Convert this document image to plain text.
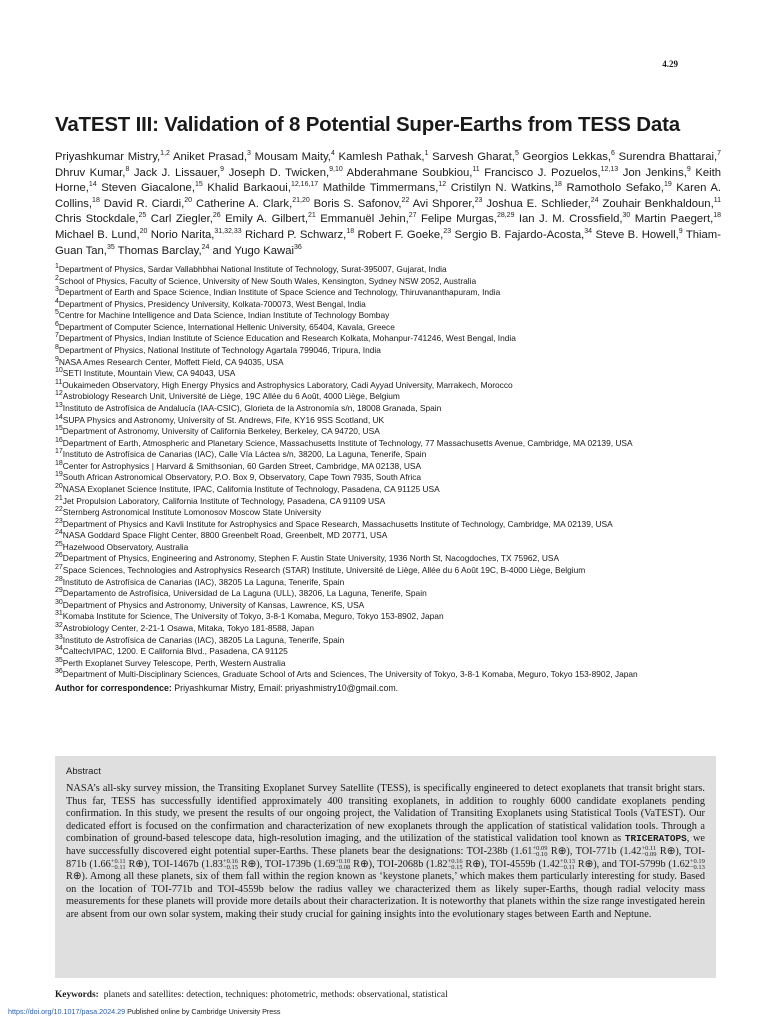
4.29
VaTEST III: Validation of 8 Potential Super-Earths from TESS Data

Priyashkumar Mistry,$^{1,2}$ Aniket Prasad,$^3$ Mousam Maity,$^4$ Kamlesh Pathak,$^1$ Sarvesh Gharat,$^5$ Georgios Lekkas,$^6$ Surendra Bhattarai,$^7$ Dhruv Kumar,$^8$ Jack J. Lissauer,$^9$ Joseph D. Twicken,$^{9,10}$ Abderahmane Soubkiou,$^{11}$ Francisco J. Pozuelos,$^{12,13}$ Jon Jenkins,$^9$ Keith Horne,$^{14}$ Steven Giacalone,$^{15}$ Khalid Barkaoui,$^{12,16,17}$ Mathilde Timmermans,$^{12}$ Cristilyn N. Watkins,$^{18}$ Ramotholo Sefako,$^{19}$ Karen A. Collins,$^{18}$ David R. Ciardi,$^{20}$ Catherine A. Clark,$^{21,20}$ Boris S. Safonov,$^{22}$ Avi Shporer,$^{23}$ Joshua E. Schlieder,$^{24}$ Zouhair Benkhaldoun,$^{11}$ Chris Stockdale,$^{25}$ Carl Ziegler,$^{26}$ Emily A. Gilbert,$^{21}$ Emmanuël Jehin,$^{27}$ Felipe Murgas,$^{28,29}$ Ian J. M. Crossfield,$^{30}$ Martin Paegert,$^{18}$ Michael B. Lund,$^{20}$ Norio Narita,$^{31,32,33}$ Richard P. Schwarz,$^{18}$ Robert F. Goeke,$^{23}$ Sergio B. Fajardo-Acosta,$^{34}$ Steve B. Howell,$^9$ Thiam-Guan Tan,$^{35}$ Thomas Barclay,$^{24}$ and Yugo Kawai$^{36}$

$^1$Department of Physics, Sardar Vallabhbhai National Institute of Technology, Surat-395007, Gujarat, India
$^2$School of Physics, Faculty of Science, University of New South Wales, Kensington, Sydney NSW 2052, Australia
$^3$Department of Earth and Space Science, Indian Institute of Space Science and Technology, Thiruvananthapuram, India
$^4$Department of Physics, Presidency University, Kolkata-700073, West Bengal, India
$^5$Centre for Machine Intelligence and Data Science, Indian Institute of Technology Bombay
$^6$Department of Computer Science, International Hellenic University, 65404, Kavala, Greece
$^7$Department of Physics, Indian Institute of Science Education and Research Kolkata, Mohanpur-741246, West Bengal, India
$^8$Department of Physics, National Institute of Technology Agartala 799046, Tripura, India
$^9$NASA Ames Research Center, Moffett Field, CA 94035, USA
$^{10}$SETI Institute, Mountain View, CA 94043, USA
$^{11}$Oukaimeden Observatory, High Energy Physics and Astrophysics Laboratory, Cadi Ayyad University, Marrakech, Morocco
$^{12}$Astrobiology Research Unit, Université de Liège, 19C Allée du 6 Août, 4000 Liège, Belgium
$^{13}$Instituto de Astrofísica de Andalucía (IAA-CSIC), Glorieta de la Astronomía s/n, 18008 Granada, Spain
$^{14}$SUPA Physics and Astronomy, University of St. Andrews, Fife, KY16 9SS Scotland, UK
$^{15}$Department of Astronomy, University of California Berkeley, Berkeley, CA 94720, USA
$^{16}$Department of Earth, Atmospheric and Planetary Science, Massachusetts Institute of Technology, 77 Massachusetts Avenue, Cambridge, MA 02139, USA
$^{17}$Instituto de Astrofísica de Canarias (IAC), Calle Vía Láctea s/n, 38200, La Laguna, Tenerife, Spain
$^{18}$Center for Astrophysics | Harvard & Smithsonian, 60 Garden Street, Cambridge, MA 02138, USA
$^{19}$South African Astronomical Observatory, P.O. Box 9, Observatory, Cape Town 7935, South Africa
$^{20}$NASA Exoplanet Science Institute, IPAC, California Institute of Technology, Pasadena, CA 91125 USA
$^{21}$Jet Propulsion Laboratory, California Institute of Technology, Pasadena, CA 91109 USA
$^{22}$Sternberg Astronomical Institute Lomonosov Moscow State University
$^{23}$Department of Physics and Kavli Institute for Astrophysics and Space Research, Massachusetts Institute of Technology, Cambridge, MA 02139, USA
$^{24}$NASA Goddard Space Flight Center, 8800 Greenbelt Road, Greenbelt, MD 20771, USA
$^{25}$Hazelwood Observatory, Australia
$^{26}$Department of Physics, Engineering and Astronomy, Stephen F. Austin State University, 1936 North St, Nacogdoches, TX 75962, USA
$^{27}$Space Sciences, Technologies and Astrophysics Research (STAR) Institute, Université de Liège, Allée du 6 Août 19C, B-4000 Liège, Belgium
$^{28}$Instituto de Astrofísica de Canarias (IAC), 38205 La Laguna, Tenerife, Spain
$^{29}$Departamento de Astrofísica, Universidad de La Laguna (ULL), 38206, La Laguna, Tenerife, Spain
$^{30}$Department of Physics and Astronomy, University of Kansas, Lawrence, KS, USA
$^{31}$Komaba Institute for Science, The University of Tokyo, 3-8-1 Komaba, Meguro, Tokyo 153-8902, Japan
$^{32}$Astrobiology Center, 2-21-1 Osawa, Mitaka, Tokyo 181-8588, Japan
$^{33}$Instituto de Astrofísica de Canarias (IAC), 38205 La Laguna, Tenerife, Spain
$^{34}$Caltech/IPAC, 1200. E California Blvd., Pasadena, CA 91125
$^{35}$Perth Exoplanet Survey Telescope, Perth, Western Australia
$^{36}$Department of Multi-Disciplinary Sciences, Graduate School of Arts and Sciences, The University of Tokyo, 3-8-1 Komaba, Meguro, Tokyo 153-8902, Japan
Author for correspondence: Priyashkumar Mistry, Email: priyashmistry10@gmail.com.
Abstract

NASA’s all-sky survey mission, the Transiting Exoplanet Survey Satellite (TESS), is specifically engineered to detect exoplanets that transit bright stars. Thus far, TESS has successfully identified approximately 400 transiting exoplanets, in addition to roughly 6000 candidate exoplanets pending confirmation. In this study, we present the results of our ongoing project, the Validation of Transiting Exoplanets using Statistical Tools (VaTEST). Our dedicated effort is focused on the confirmation and characterization of new exoplanets through the application of statistical validation tools. Through a combination of ground-based telescope data, high-resolution imaging, and the utilization of the statistical validation tool known as TRICERATOPS, we have successfully discovered eight potential super-Earths. These planets bear the designations: TOI-238b (1.61 +0.09
−0.10 R⊕), TOI-771b (1.42 +0.11
−0.09 R⊕), TOI-871b (1.66 +0.11
−0.11 R⊕), TOI-1467b (1.83 +0.16
−0.15 R⊕), TOI-1739b (1.69 +0.10
−0.08 R⊕), TOI-2068b (1.82 +0.16
−0.15 R⊕), TOI-4559b (1.42 +0.13
−0.11 R⊕), and TOI-5799b (1.62 +0.19
−0.13
R⊕). Among all these planets, six of them fall within the region known as ‘keystone planets,’ which makes them particularly interesting for study. Based on the location of TOI-771b and TOI-4559b below the radius valley we characterized them as likely super-Earths, though radial velocity mass measurements for these planets will provide more details about their characterization. It is noteworthy that planets within the size range investigated herein are absent from our own solar system, making their study crucial for gaining insights into the evolutionary stages between Earth and Neptune.

Keywords: planets and satellites: detection, techniques: photometric, methods: observational, statistical
https://doi.org/10.1017/pasa.2024.29 Published online by Cambridge University Press
